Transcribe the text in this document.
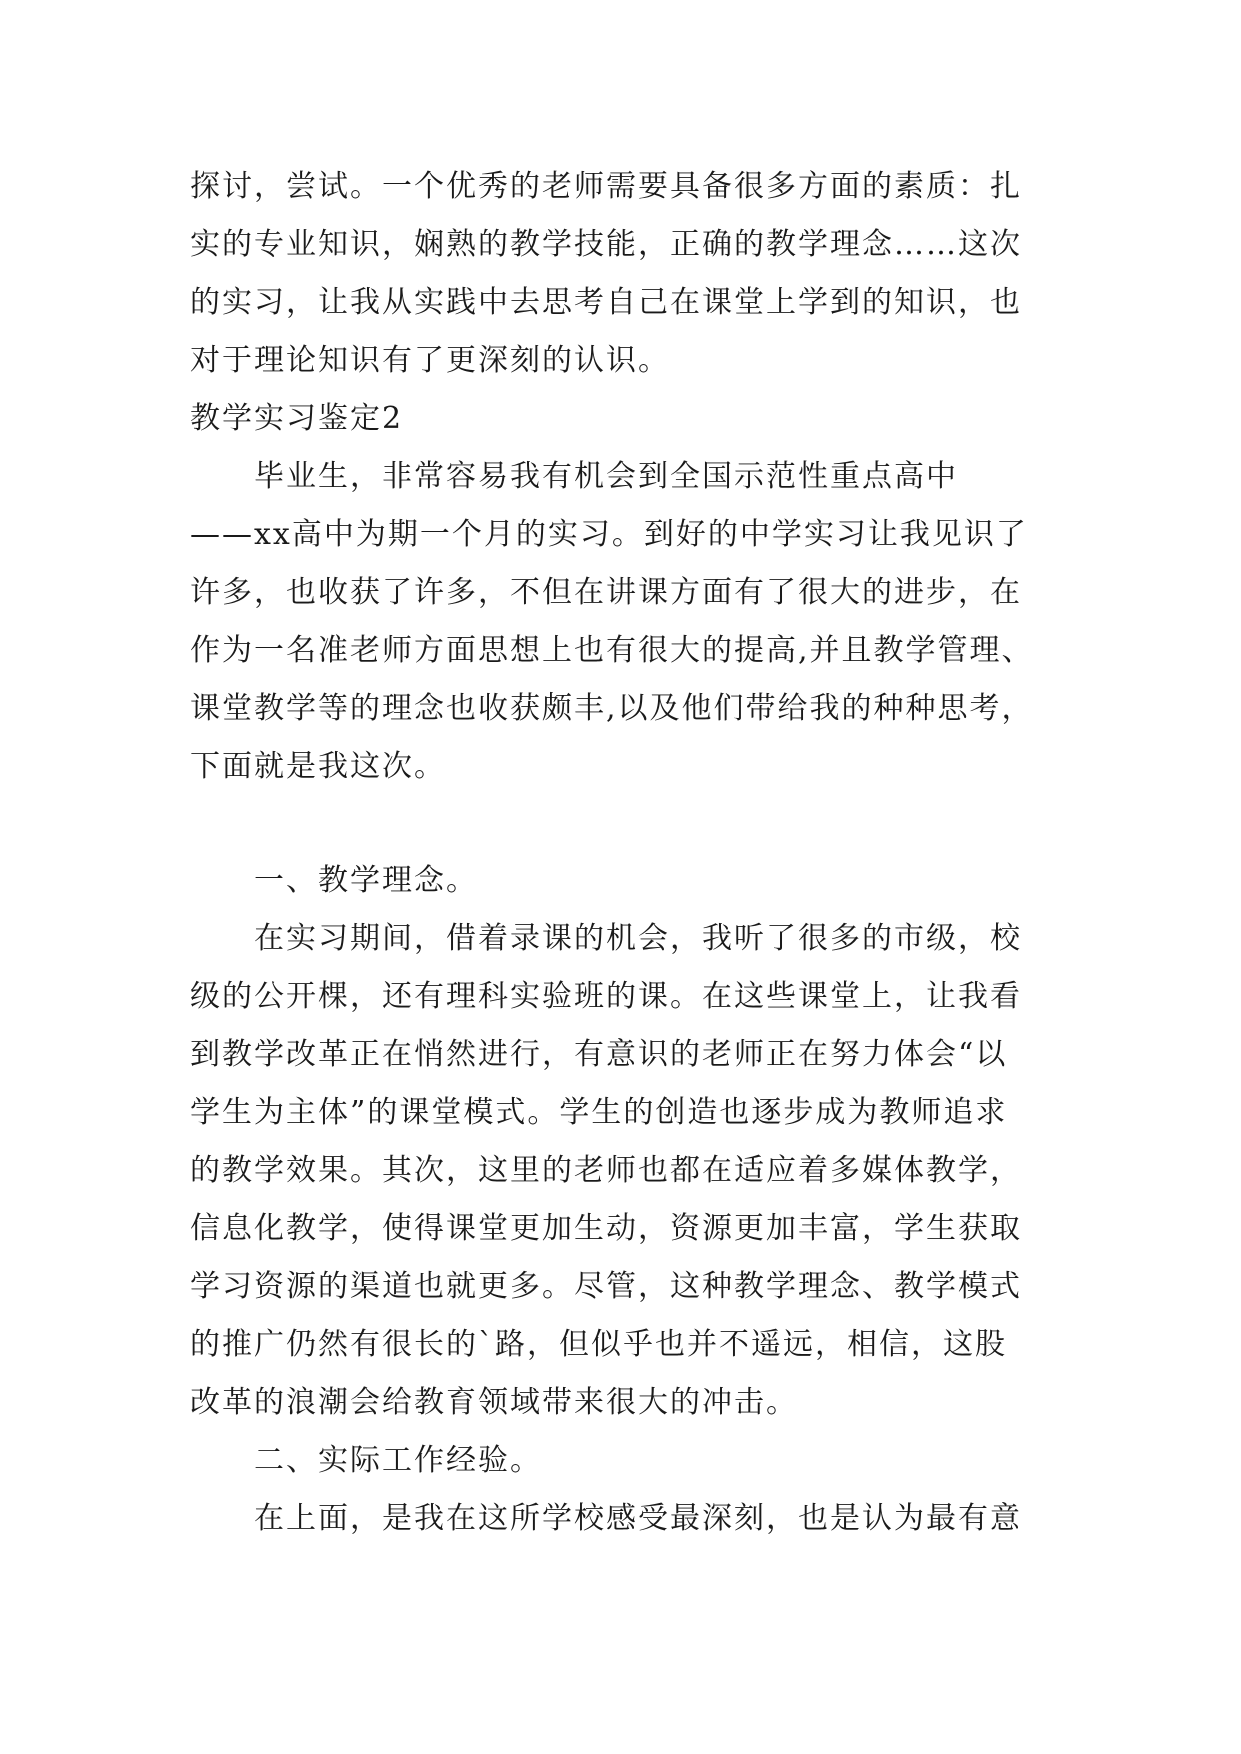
探讨，尝试。一个优秀的老师需要具备很多方面的素质：扎
实的专业知识，娴熟的教学技能，正确的教学理念……这次
的实习，让我从实践中去思考自己在课堂上学到的知识，也
对于理论知识有了更深刻的认识。
教学实习鉴定2
毕业生，非常容易我有机会到全国示范性重点高中
——xx高中为期一个月的实习。到好的中学实习让我见识了
许多，也收获了许多，不但在讲课方面有了很大的进步，在
作为一名准老师方面思想上也有很大的提高,并且教学管理、
课堂教学等的理念也收获颇丰,以及他们带给我的种种思考，
下面就是我这次。
一、教学理念。
在实习期间，借着录课的机会，我听了很多的市级，校
级的公开棵，还有理科实验班的课。在这些课堂上，让我看
到教学改革正在悄然进行，有意识的老师正在努力体会“以
学生为主体”的课堂模式。学生的创造也逐步成为教师追求
的教学效果。其次，这里的老师也都在适应着多媒体教学，
信息化教学，使得课堂更加生动，资源更加丰富，学生获取
学习资源的渠道也就更多。尽管，这种教学理念、教学模式
的推广仍然有很长的`路，但似乎也并不遥远，相信，这股
改革的浪潮会给教育领域带来很大的冲击。
二、实际工作经验。
在上面，是我在这所学校感受最深刻，也是认为最有意
